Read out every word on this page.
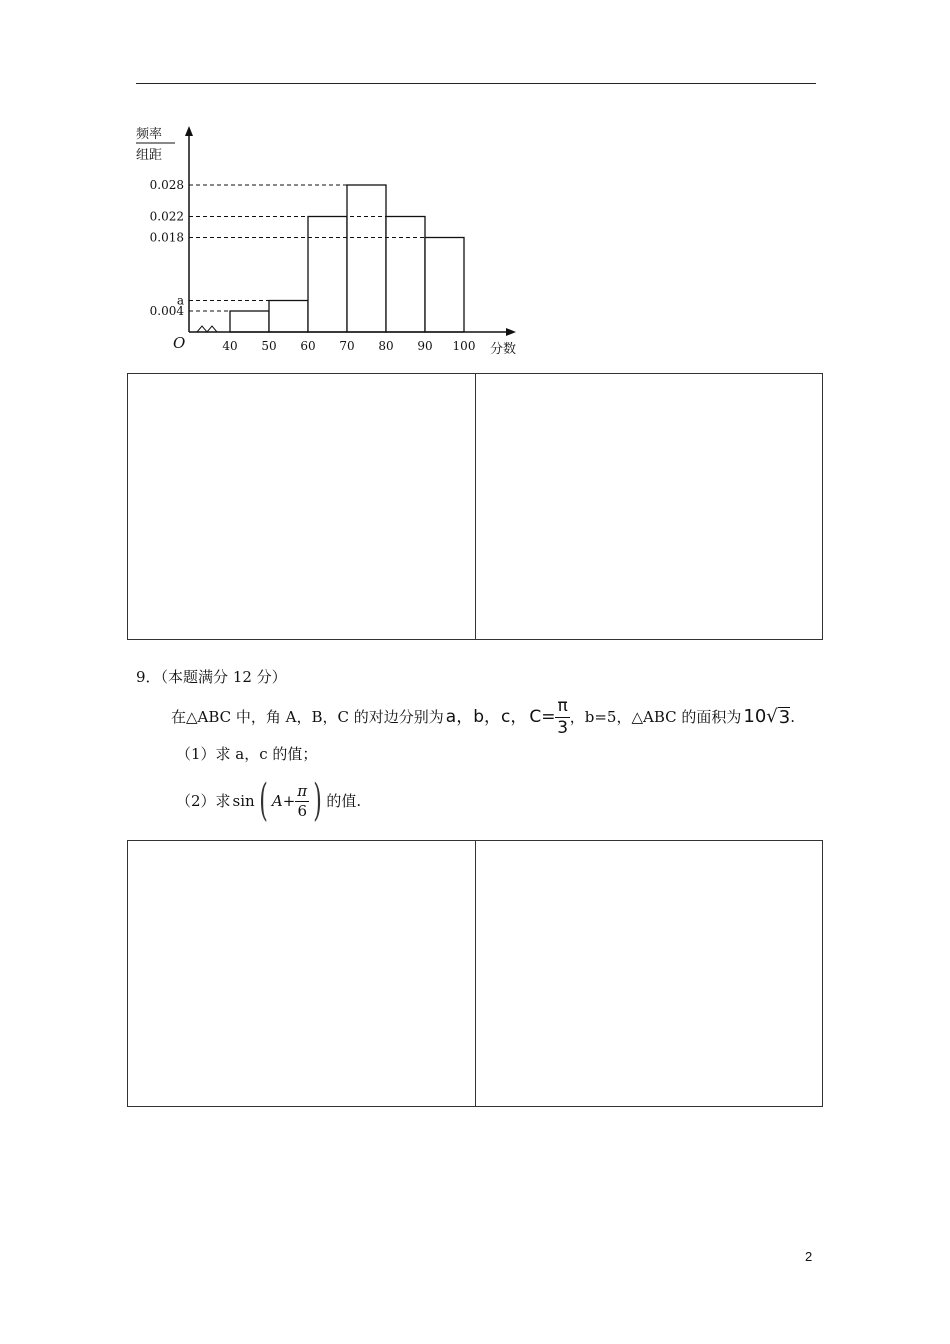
0.028
0.022
0.018
a
0.004
40 50 60 70 80 90 100
O	分数
频率
组距
9．（本题满分 12 分）
在△ABC 中，角 A，B，C 的对边分别为 a，b，c， $C= \frac{\pi}{3}$ ，b=5，△ABC 的面积为 10 √ 3 .
（1）求 a，c 的值；
（2）求 sin ( $A+ \frac{\pi}{6}$ ) 的值.
2
